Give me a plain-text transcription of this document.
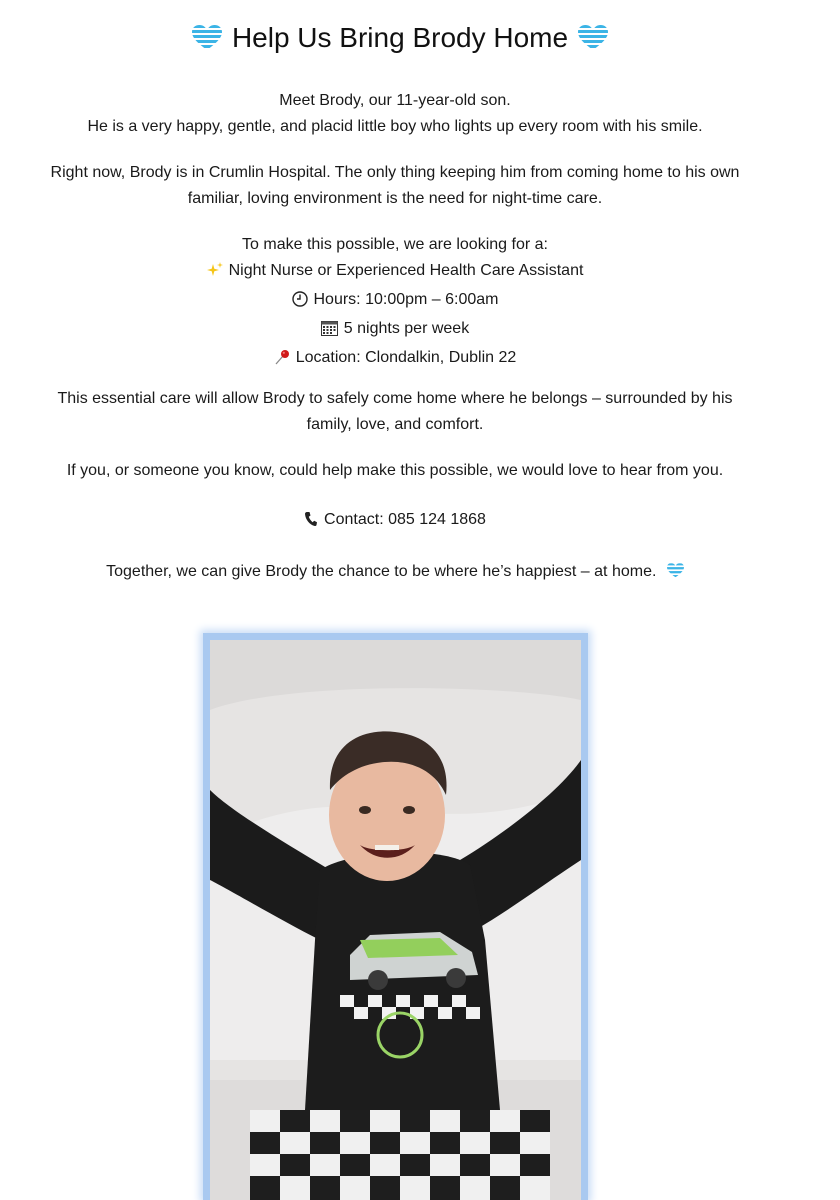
Help Us Bring Brody Home
Meet Brody, our 11-year-old son.
He is a very happy, gentle, and placid little boy who lights up every room with his smile.
Right now, Brody is in Crumlin Hospital. The only thing keeping him from coming home to his own
familiar, loving environment is the need for night-time care.
To make this possible, we are looking for a:
Night Nurse or Experienced Health Care Assistant
Hours: 10:00pm – 6:00am
5 nights per week
Location: Clondalkin, Dublin 22
This essential care will allow Brody to safely come home where he belongs – surrounded by his
family, love, and comfort.
If you, or someone you know, could help make this possible, we would love to hear from you.
Contact: 085 124 1868
Together, we can give Brody the chance to be where he’s happiest – at home.
